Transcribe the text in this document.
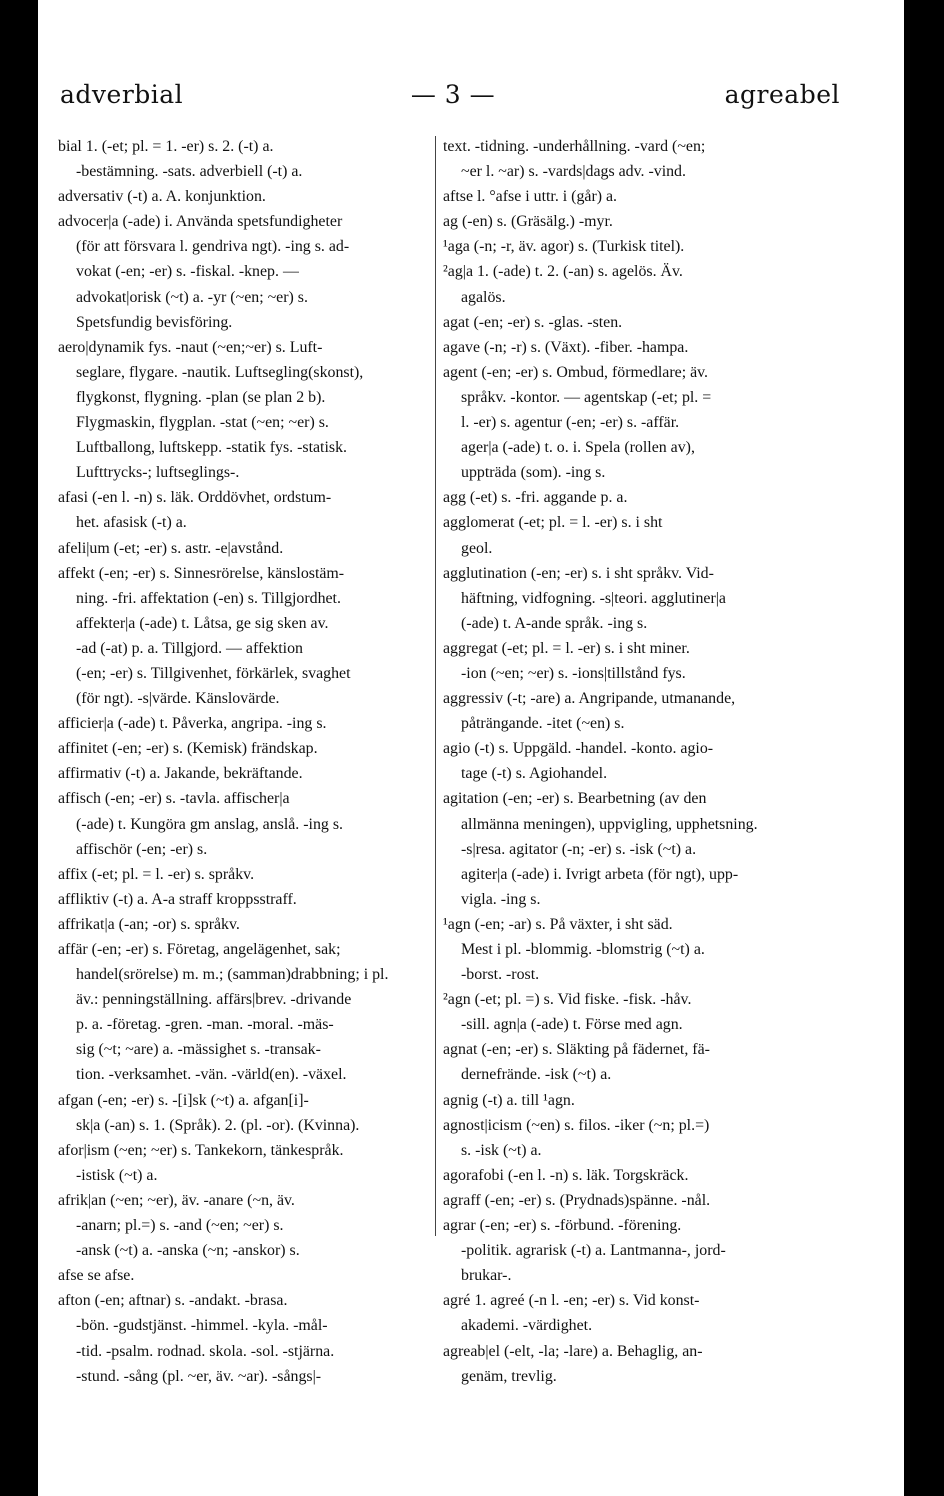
adverbial	— 3 —	agreabel
bial 1. (-et; pl. = 1. -er) s. 2. (-t) a.
-bestämning. -sats. adverbiell (-t) a.
adversativ (-t) a. A. konjunktion.
advocer|a (-ade) i. Använda spetsfundigheter
(för att försvara l. gendriva ngt). -ing s. ad-
vokat (-en; -er) s. -fiskal. -knep. —
advokat|orisk (~t) a. -yr (~en; ~er) s.
Spetsfundig bevisföring.
aero|dynamik fys. -naut (~en;~er) s. Luft-
seglare, flygare. -nautik. Luftsegling(skonst),
flygkonst, flygning. -plan (se plan 2 b).
Flygmaskin, flygplan. -stat (~en; ~er) s.
Luftballong, luftskepp. -statik fys. -statisk.
Lufttrycks-; luftseglings-.
afasi (-en l. -n) s. läk. Orddövhet, ordstum-
het. afasisk (-t) a.
afeli|um (-et; -er) s. astr. -e|avstånd.
affekt (-en; -er) s. Sinnesrörelse, känslostäm-
ning. -fri. affektation (-en) s. Tillgjordhet.
affekter|a (-ade) t. Låtsa, ge sig sken av.
-ad (-at) p. a. Tillgjord. — affektion
(-en; -er) s. Tillgivenhet, förkärlek, svaghet
(för ngt). -s|värde. Känslovärde.
afficier|a (-ade) t. Påverka, angripa. -ing s.
affinitet (-en; -er) s. (Kemisk) frändskap.
affirmativ (-t) a. Jakande, bekräftande.
affisch (-en; -er) s. -tavla. affischer|a
(-ade) t. Kungöra gm anslag, anslå. -ing s.
affischör (-en; -er) s.
affix (-et; pl. = l. -er) s. språkv.
affliktiv (-t) a. A-a straff kroppsstraff.
affrikat|a (-an; -or) s. språkv.
affär (-en; -er) s. Företag, angelägenhet, sak;
handel(srörelse) m. m.; (samman)drabbning; i pl.
äv.: penningställning. affärs|brev. -drivande
p. a. -företag. -gren. -man. -moral. -mäs-
sig (~t; ~are) a. -mässighet s. -transak-
tion. -verksamhet. -vän. -värld(en). -växel.
afgan (-en; -er) s. -[i]sk (~t) a. afgan[i]-
sk|a (-an) s. 1. (Språk). 2. (pl. -or). (Kvinna).
afor|ism (~en; ~er) s. Tankekorn, tänkespråk.
-istisk (~t) a.
afrik|an (~en; ~er), äv. -anare (~n, äv.
-anarn; pl.=) s. -and (~en; ~er) s.
-ansk (~t) a. -anska (~n; -anskor) s.
afse se afse.
afton (-en; aftnar) s. -andakt. -brasa.
-bön. -gudstjänst. -himmel. -kyla. -mål-
-tid. -psalm. rodnad. skola. -sol. -stjärna.
-stund. -sång (pl. ~er, äv. ~ar). -sångs|-
text. -tidning. -underhållning. -vard (~en;
~er l. ~ar) s. -vards|dags adv. -vind.
aftse l. °afse i uttr. i (går) a.
ag (-en) s. (Gräsälg.) -myr.
¹aga (-n; -r, äv. agor) s. (Turkisk titel).
²ag|a 1. (-ade) t. 2. (-an) s. agelös. Äv.
agalös.
agat (-en; -er) s. -glas. -sten.
agave (-n; -r) s. (Växt). -fiber. -hampa.
agent (-en; -er) s. Ombud, förmedlare; äv.
språkv. -kontor. — agentskap (-et; pl. =
l. -er) s. agentur (-en; -er) s. -affär.
ager|a (-ade) t. o. i. Spela (rollen av),
uppträda (som). -ing s.
agg (-et) s. -fri. aggande p. a.
agglomerat (-et; pl. = l. -er) s. i sht
geol.
agglutination (-en; -er) s. i sht språkv. Vid-
häftning, vidfogning. -s|teori. agglutiner|a
(-ade) t. A-ande språk. -ing s.
aggregat (-et; pl. = l. -er) s. i sht miner.
-ion (~en; ~er) s. -ions|tillstånd fys.
aggressiv (-t; -are) a. Angripande, utmanande,
påträngande. -itet (~en) s.
agio (-t) s. Uppgäld. -handel. -konto. agio-
tage (-t) s. Agiohandel.
agitation (-en; -er) s. Bearbetning (av den
allmänna meningen), uppvigling, upphetsning.
-s|resa. agitator (-n; -er) s. -isk (~t) a.
agiter|a (-ade) i. Ivrigt arbeta (för ngt), upp-
vigla. -ing s.
¹agn (-en; -ar) s. På växter, i sht säd.
Mest i pl. -blommig. -blomstrig (~t) a.
-borst. -rost.
²agn (-et; pl. =) s. Vid fiske. -fisk. -håv.
-sill. agn|a (-ade) t. Förse med agn.
agnat (-en; -er) s. Släkting på fädernet, fä-
dernefrände. -isk (~t) a.
agnig (-t) a. till ¹agn.
agnost|icism (~en) s. filos. -iker (~n; pl.=)
s. -isk (~t) a.
agorafobi (-en l. -n) s. läk. Torgskräck.
agraff (-en; -er) s. (Prydnads)spänne. -nål.
agrar (-en; -er) s. -förbund. -förening.
-politik. agrarisk (-t) a. Lantmanna-, jord-
brukar-.
agré 1. agreé (-n l. -en; -er) s. Vid konst-
akademi. -värdighet.
agreab|el (-elt, -la; -lare) a. Behaglig, an-
genäm, trevlig.
